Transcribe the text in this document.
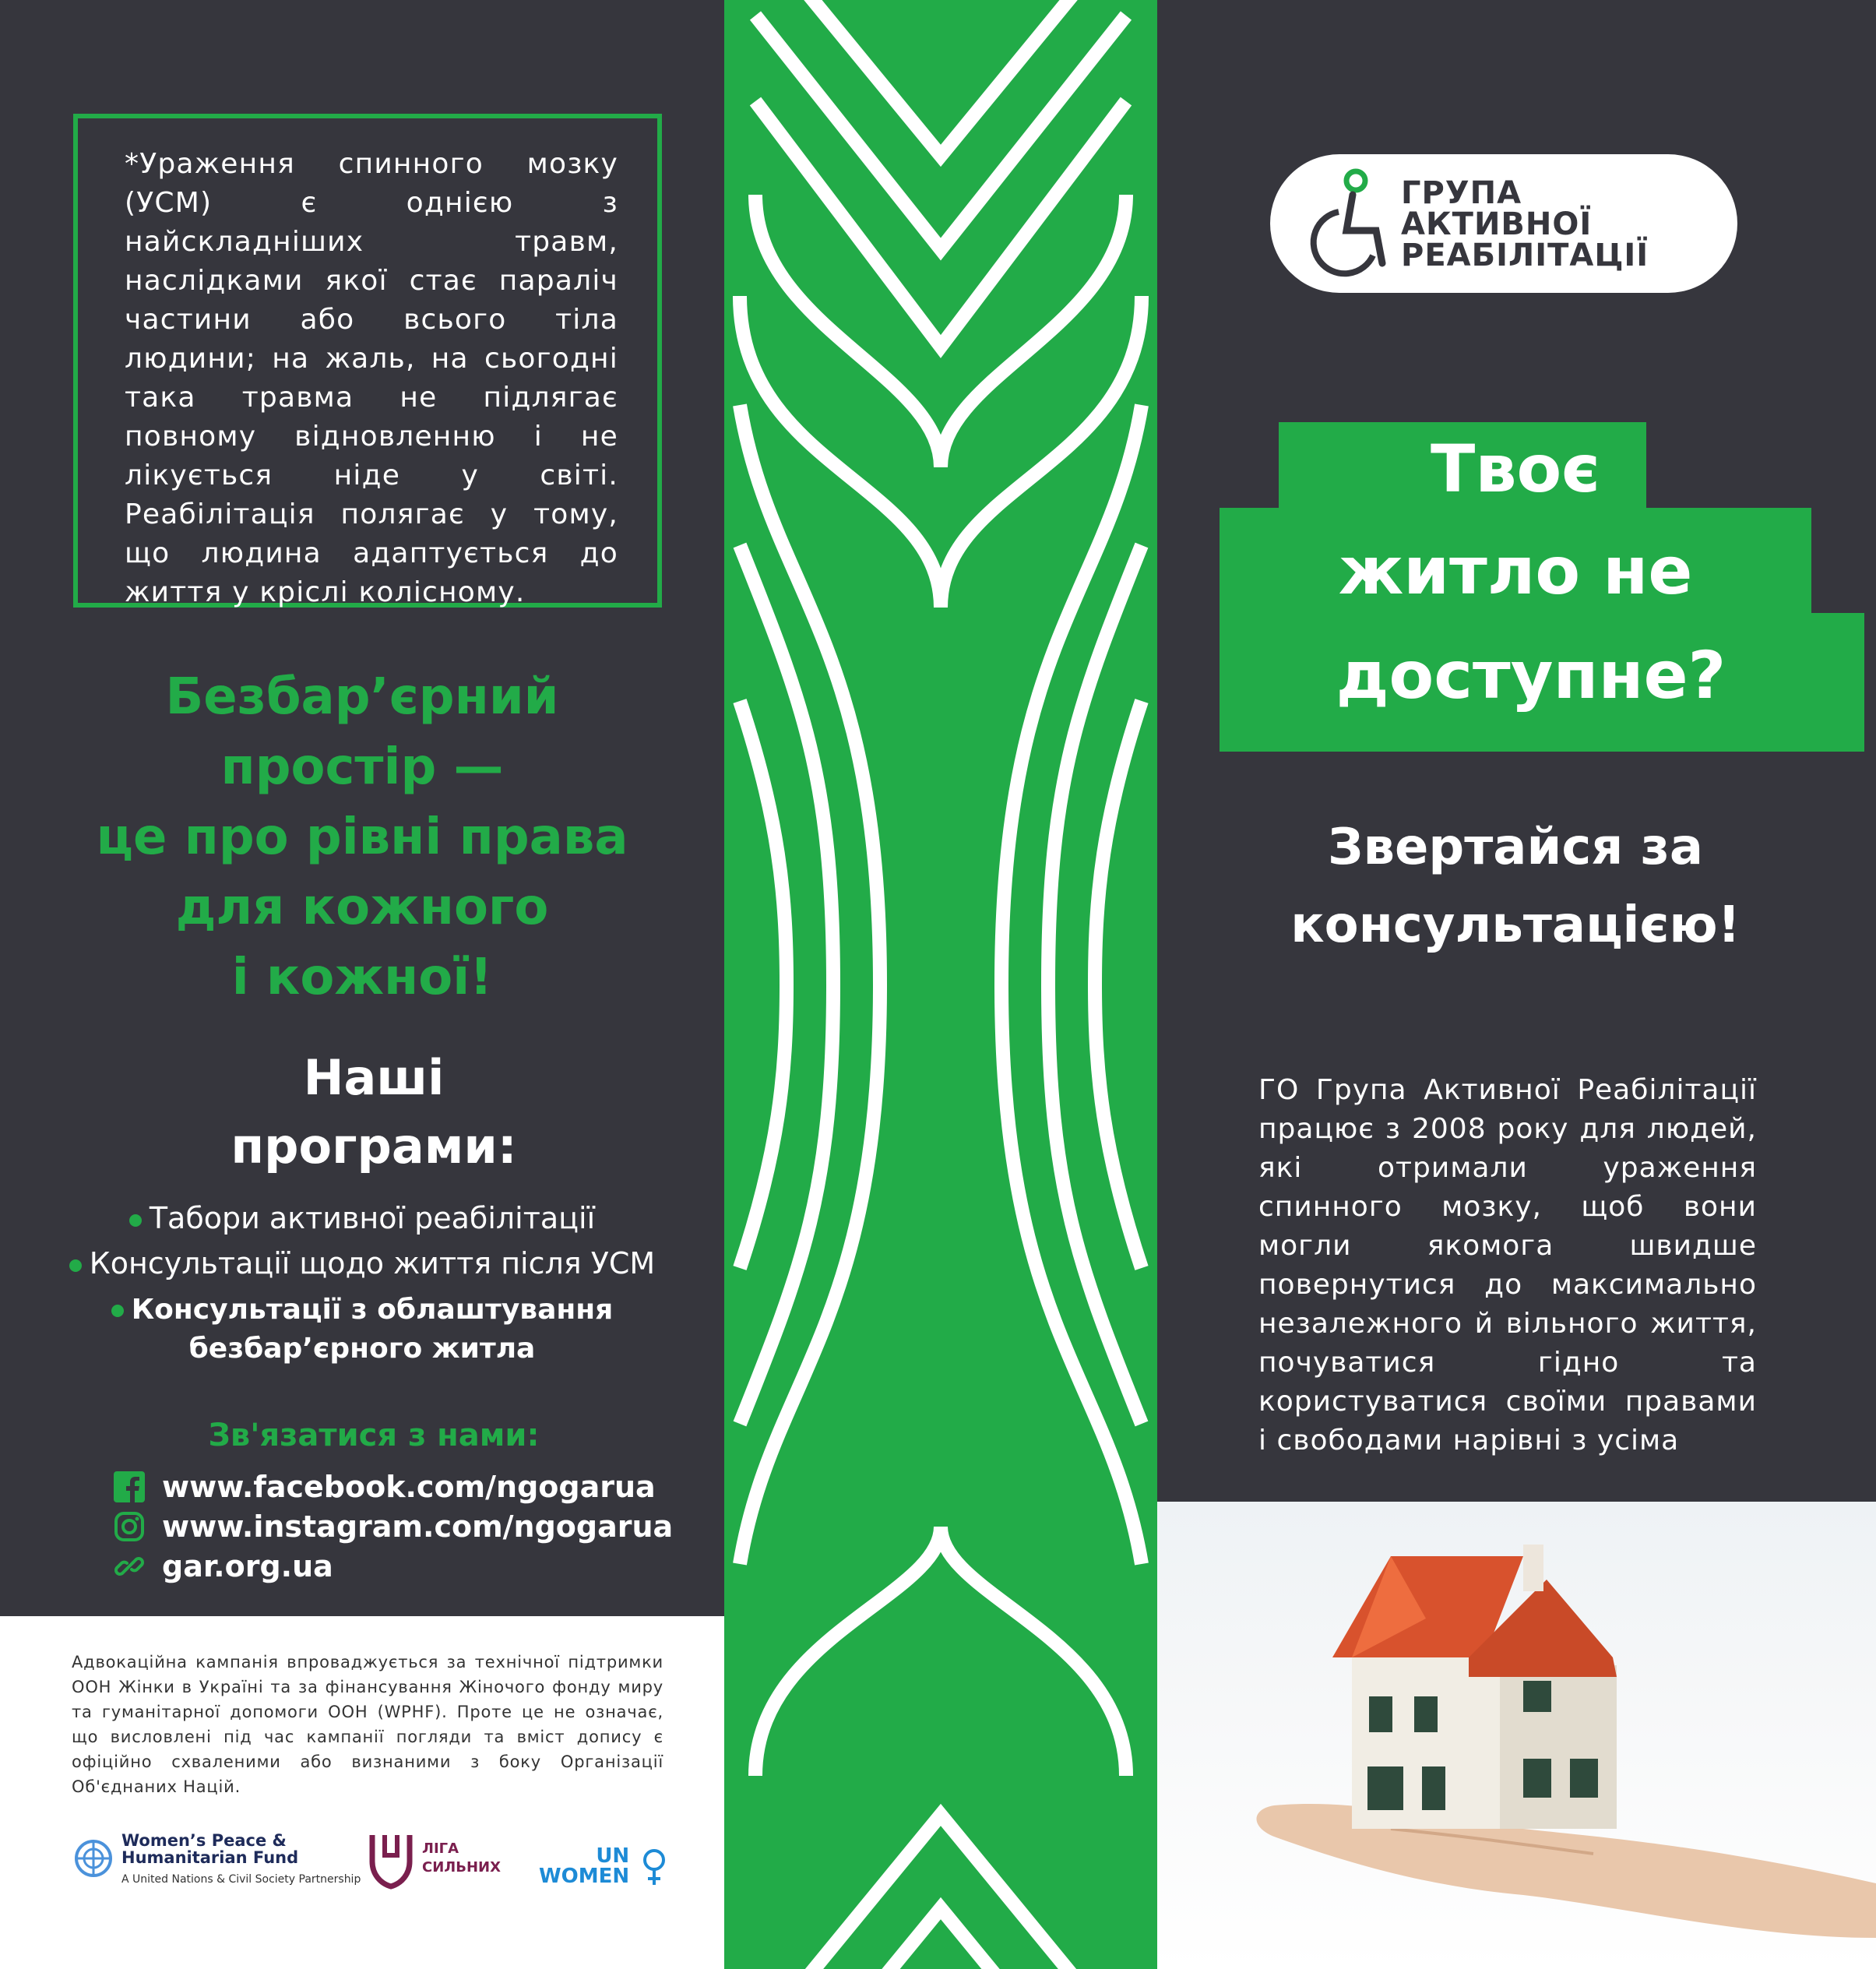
*Ураження спинного мозку (УСМ) є однією з найскладніших травм, наслідками якої стає параліч частини або всього тіла людини; на жаль, на сьогодні така травма не підлягає повному відновленню і не лікується ніде у світі. Реабілітація полягає у тому, що людина адаптується до життя у кріслі колісному.
Безбар’єрний
простір —
це про рівні права
для кожного
і кожної!
Наші
програми:
Табори активної реабілітації
Консультації щодо життя після УСМ
Консультації з облаштування
безбар’єрного житла
Зв'язатися з нами:
www.facebook.com/ngogarua
www.instagram.com/ngogarua
gar.org.ua
Адвокаційна кампанія впроваджується за технічної підтримки ООН Жінки в Україні та за фінансування Жіночого фонду миру та гуманітарної допомоги ООН (WPHF). Проте це не означає, що висловлені під час кампанії погляди та вміст допису є офіційно схваленими або визнаними з боку Організації Об'єднаних Націй.
Women’s Peace &
Humanitarian Fund
A United Nations & Civil Society Partnership
ЛІГА
СИЛЬНИХ	UN
WOMEN
ГРУПА
АКТИВНОЇ
РЕАБІЛІТАЦІЇ
Твоє
житло не
доступне?
Звертайся за
консультацією!
ГО Група Активної Реабілітації працює з 2008 року для людей, які отримали ураження спинного мозку, щоб вони могли якомога швидше повернутися до максимально незалежного й вільного життя, почуватися гідно та користуватися своїми правами і свободами нарівні з усіма
